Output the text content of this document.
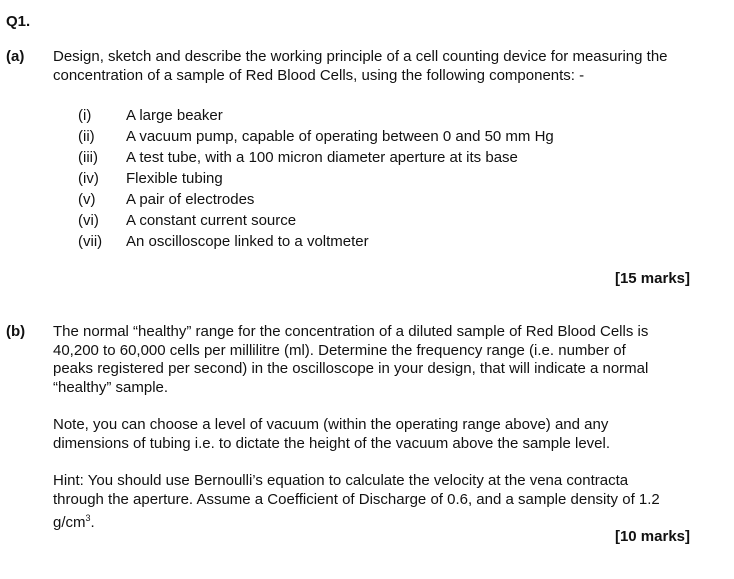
Q1.
(a) Design, sketch and describe the working principle of a cell counting device for measuring the
concentration of a sample of Red Blood Cells, using the following components: -
(i) A large beaker
(ii) A vacuum pump, capable of operating between 0 and 50 mm Hg
(iii) A test tube, with a 100 micron diameter aperture at its base
(iv) Flexible tubing
(v) A pair of electrodes
(vi) A constant current source
(vii) An oscilloscope linked to a voltmeter
[15 marks]
(b) The normal “healthy” range for the concentration of a diluted sample of Red Blood Cells is
40,200 to 60,000 cells per millilitre (ml). Determine the frequency range (i.e. number of
peaks registered per second) in the oscilloscope in your design, that will indicate a normal
“healthy” sample.
Note, you can choose a level of vacuum (within the operating range above) and any
dimensions of tubing i.e. to dictate the height of the vacuum above the sample level.
Hint: You should use Bernoulli’s equation to calculate the velocity at the vena contracta
through the aperture. Assume a Coefficient of Discharge of 0.6, and a sample density of 1.2
$g/cm^3$.
[10 marks]
